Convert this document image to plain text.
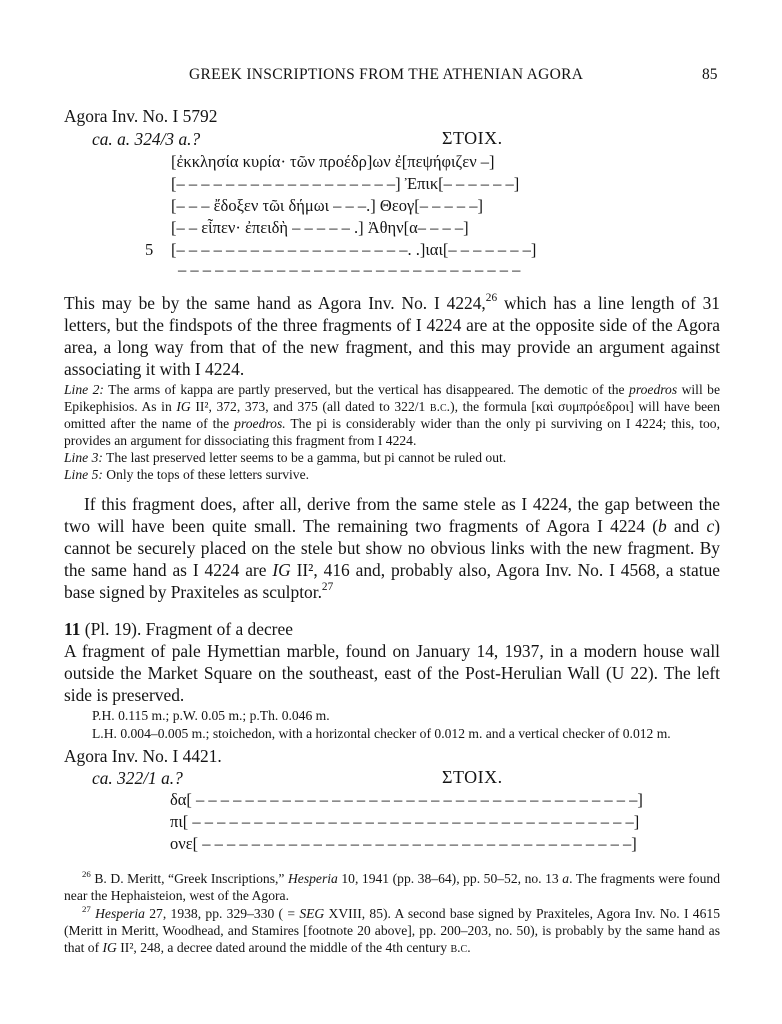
GREEK INSCRIPTIONS FROM THE ATHENIAN AGORA	85
Agora Inv. No. I 5792
ca. a. 324/3 a.?	ΣΤΟΙΧ.
[ἐκκλησία κυρία· τῶν προέδρ]ων ἐ[πεψήφιζεν –]
[– – – – – – – – – – – – – – – – – –] Ἐπικ[– – – – – –]
[– – – ἔδοξεν τῶι δήμωι – – –.] Θεογ[– – – – –]
[– – εἶπεν· ἐπειδὴ – – – – – .] Ἀθην[α– – – –]
5 [– – – – – – – – – – – – – – – – – – –. .]ιαι[– – – – – – –]
– – – – – – – – – – – – – – – – – – – – – – – – – – – –
This may be by the same hand as Agora Inv. No. I 4224,26 which has a line length of 31 letters, but the findspots of the three fragments of I 4224 are at the opposite side of the Agora area, a long way from that of the new fragment, and this may provide an argument against associating it with I 4224.
Line 2: The arms of kappa are partly preserved, but the vertical has disappeared. The demotic of the proedros will be Epikephisios. As in IG II², 372, 373, and 375 (all dated to 322/1 b.c.), the formula [καὶ συμπρόεδροι] will have been omitted after the name of the proedros. The pi is considerably wider than the only pi surviving on I 4224; this, too, provides an argument for dissociating this fragment from I 4224.
Line 3: The last preserved letter seems to be a gamma, but pi cannot be ruled out.
Line 5: Only the tops of these letters survive.
If this fragment does, after all, derive from the same stele as I 4224, the gap between the two will have been quite small. The remaining two fragments of Agora I 4224 (b and c) cannot be securely placed on the stele but show no obvious links with the new fragment. By the same hand as I 4224 are IG II², 416 and, probably also, Agora Inv. No. I 4568, a statue base signed by Praxiteles as sculptor.$^{27}$
11 (Pl. 19). Fragment of a decree
A fragment of pale Hymettian marble, found on January 14, 1937, in a modern house wall outside the Market Square on the southeast, east of the Post-Herulian Wall (U 22). The left side is preserved.
P.H. 0.115 m.; p.W. 0.05 m.; p.Th. 0.046 m.
L.H. 0.004–0.005 m.; stoichedon, with a horizontal checker of 0.012 m. and a vertical checker of 0.012 m.
Agora Inv. No. I 4421.
ca. 322/1 a.?	ΣΤΟΙΧ.
δα[ – – – – – – – – – – – – – – – – – – – – – – – – – – – – – – – – – – – –]
πι[ – – – – – – – – – – – – – – – – – – – – – – – – – – – – – – – – – – – –]
ονε[ – – – – – – – – – – – – – – – – – – – – – – – – – – – – – – – – – – –]
$^{26}$ B. D. Meritt, “Greek Inscriptions,” Hesperia 10, 1941 (pp. 38–64), pp. 50–52, no. 13 a. The fragments were found near the Hephaisteion, west of the Agora.
$^{27}$ Hesperia 27, 1938, pp. 329–330 ( = SEG XVIII, 85). A second base signed by Praxiteles, Agora Inv. No. I 4615 (Meritt in Meritt, Woodhead, and Stamires [footnote 20 above], pp. 200–203, no. 50), is probably by the same hand as that of IG II², 248, a decree dated around the middle of the 4th century b.c.
